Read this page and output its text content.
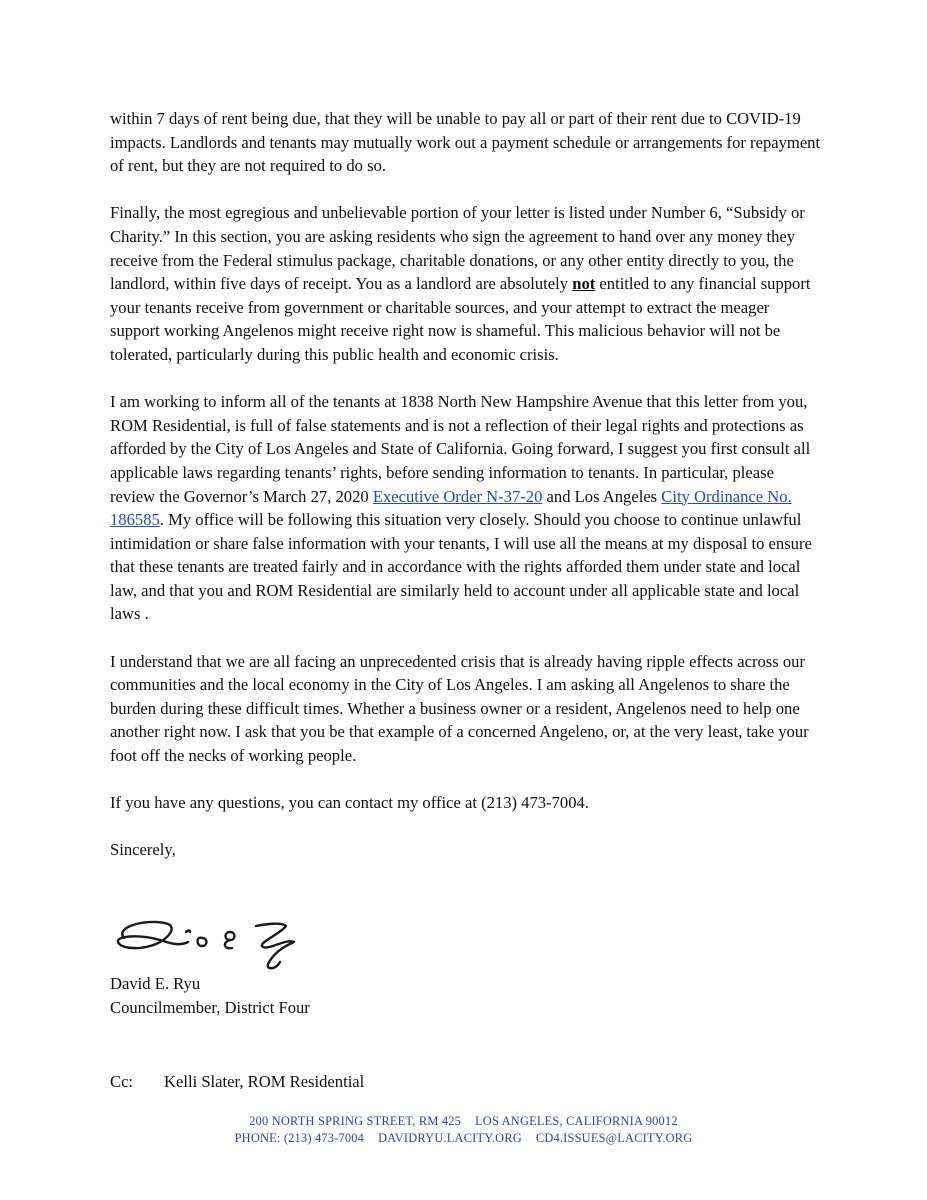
within 7 days of rent being due, that they will be unable to pay all or part of their rent due to COVID-19 impacts. Landlords and tenants may mutually work out a payment schedule or arrangements for repayment of rent, but they are not required to do so.

Finally, the most egregious and unbelievable portion of your letter is listed under Number 6, “Subsidy or Charity.” In this section, you are asking residents who sign the agreement to hand over any money they receive from the Federal stimulus package, charitable donations, or any other entity directly to you, the landlord, within five days of receipt. You as a landlord are absolutely not entitled to any financial support your tenants receive from government or charitable sources, and your attempt to extract the meager support working Angelenos might receive right now is shameful. This malicious behavior will not be tolerated, particularly during this public health and economic crisis.

I am working to inform all of the tenants at 1838 North New Hampshire Avenue that this letter from you, ROM Residential, is full of false statements and is not a reflection of their legal rights and protections as afforded by the City of Los Angeles and State of California. Going forward, I suggest you first consult all applicable laws regarding tenants’ rights, before sending information to tenants. In particular, please review the Governor’s March 27, 2020 Executive Order N-37-20 and Los Angeles City Ordinance No. 186585. My office will be following this situation very closely. Should you choose to continue unlawful intimidation or share false information with your tenants, I will use all the means at my disposal to ensure that these tenants are treated fairly and in accordance with the rights afforded them under state and local law, and that you and ROM Residential are similarly held to account under all applicable state and local laws .

I understand that we are all facing an unprecedented crisis that is already having ripple effects across our communities and the local economy in the City of Los Angeles. I am asking all Angelenos to share the burden during these difficult times. Whether a business owner or a resident, Angelenos need to help one another right now. I ask that you be that example of a concerned Angeleno, or, at the very least, take your foot off the necks of working people.

If you have any questions, you can contact my office at (213) 473-7004.

Sincerely,

David E. Ryu
Councilmember, District Four
Cc: Kelli Slater, ROM Residential
200 NORTH SPRING STREET, RM 425 LOS ANGELES, CALIFORNIA 90012
PHONE: (213) 473-7004 DAVIDRYU.LACITY.ORG CD4.ISSUES@LACITY.ORG
